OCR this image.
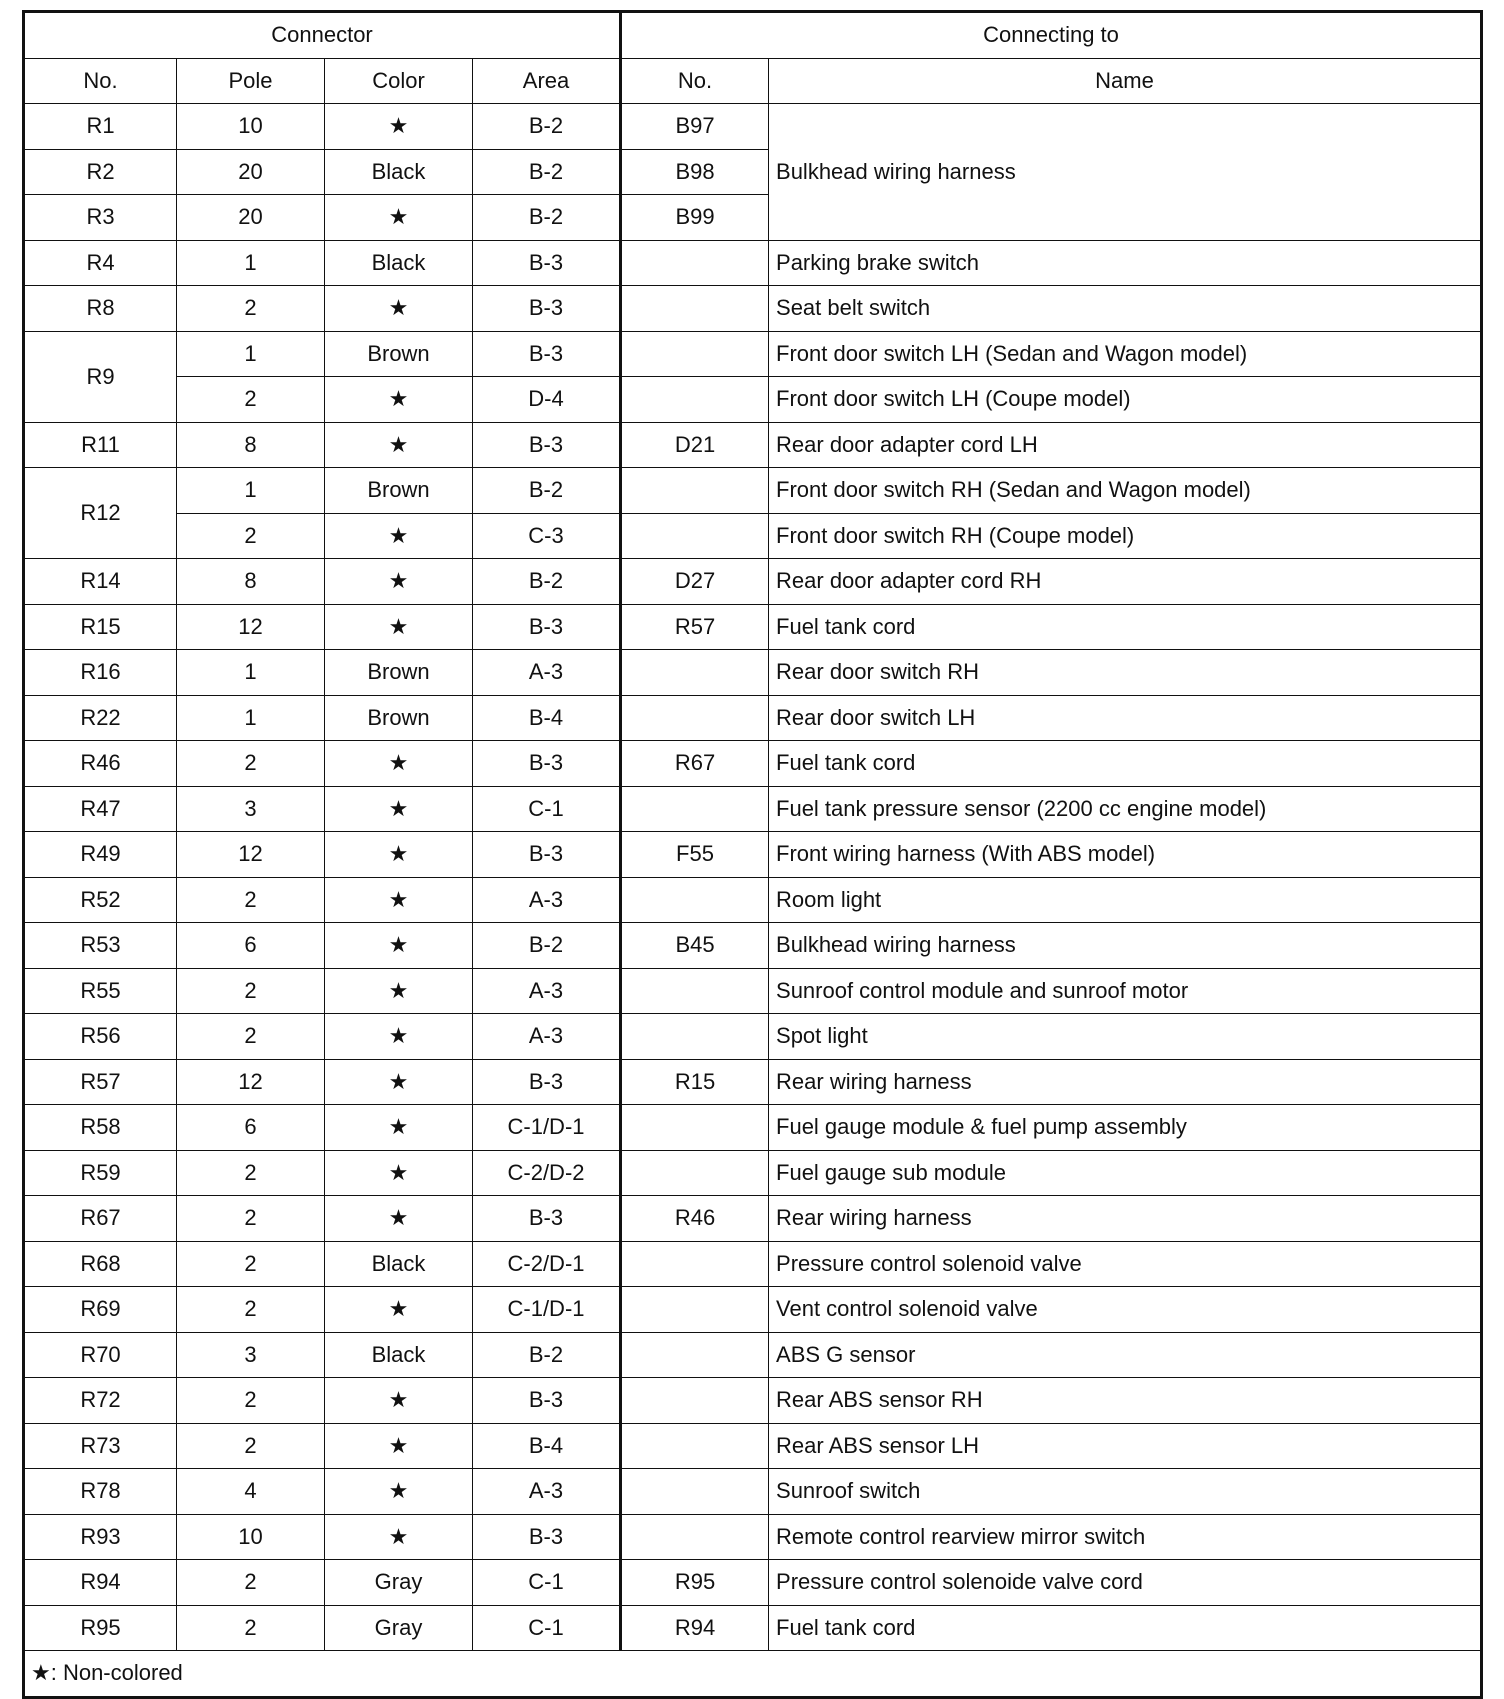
Connector				Connecting to	
No.	Pole	Color	Area	No.	Name
R1	10	★	B-2	B97	Bulkhead wiring harness
R2	20	Black	B-2	B98	
R3	20	★	B-2	B99	
R4	1	Black	B-3		Parking brake switch
R8	2	★	B-3		Seat belt switch
R9	1	Brown	B-3		Front door switch LH (Sedan and Wagon model)
	2	★	D-4		Front door switch LH (Coupe model)
R11	8	★	B-3	D21	Rear door adapter cord LH
R12	1	Brown	B-2		Front door switch RH (Sedan and Wagon model)
	2	★	C-3		Front door switch RH (Coupe model)
R14	8	★	B-2	D27	Rear door adapter cord RH
R15	12	★	B-3	R57	Fuel tank cord
R16	1	Brown	A-3		Rear door switch RH
R22	1	Brown	B-4		Rear door switch LH
R46	2	★	B-3	R67	Fuel tank cord
R47	3	★	C-1		Fuel tank pressure sensor (2200 cc engine model)
R49	12	★	B-3	F55	Front wiring harness (With ABS model)
R52	2	★	A-3		Room light
R53	6	★	B-2	B45	Bulkhead wiring harness
R55	2	★	A-3		Sunroof control module and sunroof motor
R56	2	★	A-3		Spot light
R57	12	★	B-3	R15	Rear wiring harness
R58	6	★	C-1/D-1		Fuel gauge module & fuel pump assembly
R59	2	★	C-2/D-2		Fuel gauge sub module
R67	2	★	B-3	R46	Rear wiring harness
R68	2	Black	C-2/D-1		Pressure control solenoid valve
R69	2	★	C-1/D-1		Vent control solenoid valve
R70	3	Black	B-2		ABS G sensor
R72	2	★	B-3		Rear ABS sensor RH
R73	2	★	B-4		Rear ABS sensor LH
R78	4	★	A-3		Sunroof switch
R93	10	★	B-3		Remote control rearview mirror switch
R94	2	Gray	C-1	R95	Pressure control solenoide valve cord
R95	2	Gray	C-1	R94	Fuel tank cord
★: Non-colored					
